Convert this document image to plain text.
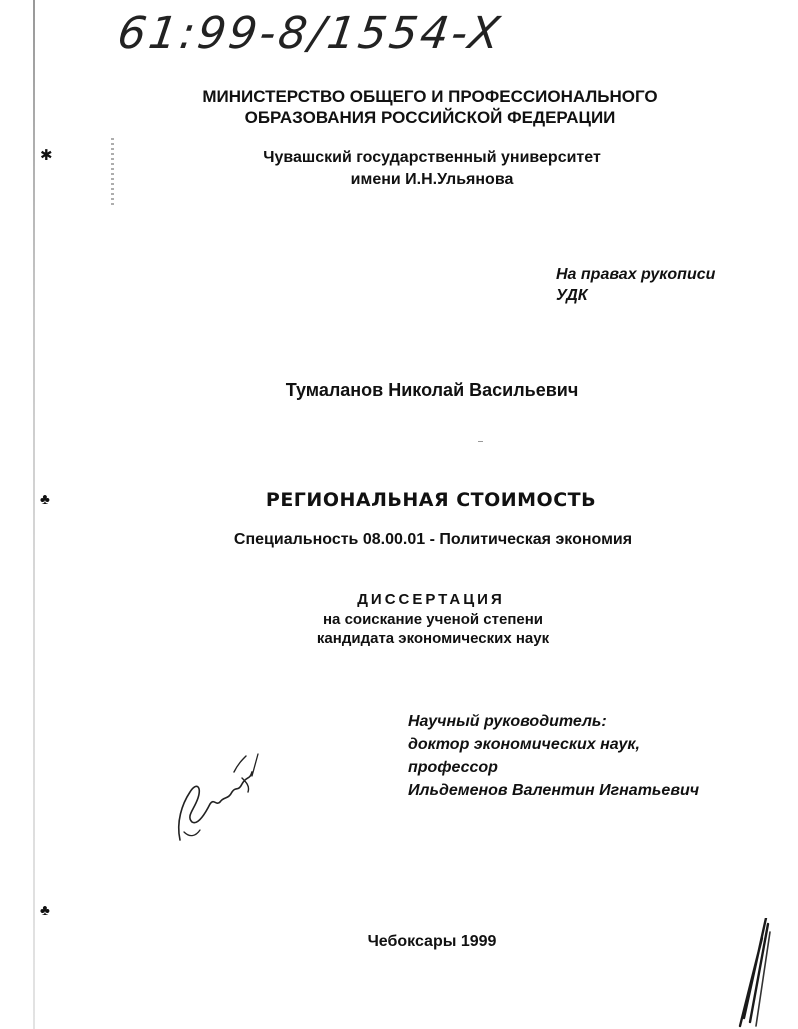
✱
♣
♣
61:99-8/1554-X
МИНИСТЕРСТВО ОБЩЕГО И ПРОФЕССИОНАЛЬНОГО
ОБРАЗОВАНИЯ РОССИЙСКОЙ ФЕДЕРАЦИИ
Чувашский государственный университет
имени И.Н.Ульянова
На правах рукописи
УДК
Тумаланов Николай Васильевич
РЕГИОНАЛЬНАЯ СТОИМОСТЬ
Специальность 08.00.01 - Политическая экономия
ДИССЕРТАЦИЯ
на соискание ученой степени
кандидата экономических наук
Научный руководитель:
доктор экономических наук,
профессор
Ильдеменов Валентин Игнатьевич
Чебоксары 1999
